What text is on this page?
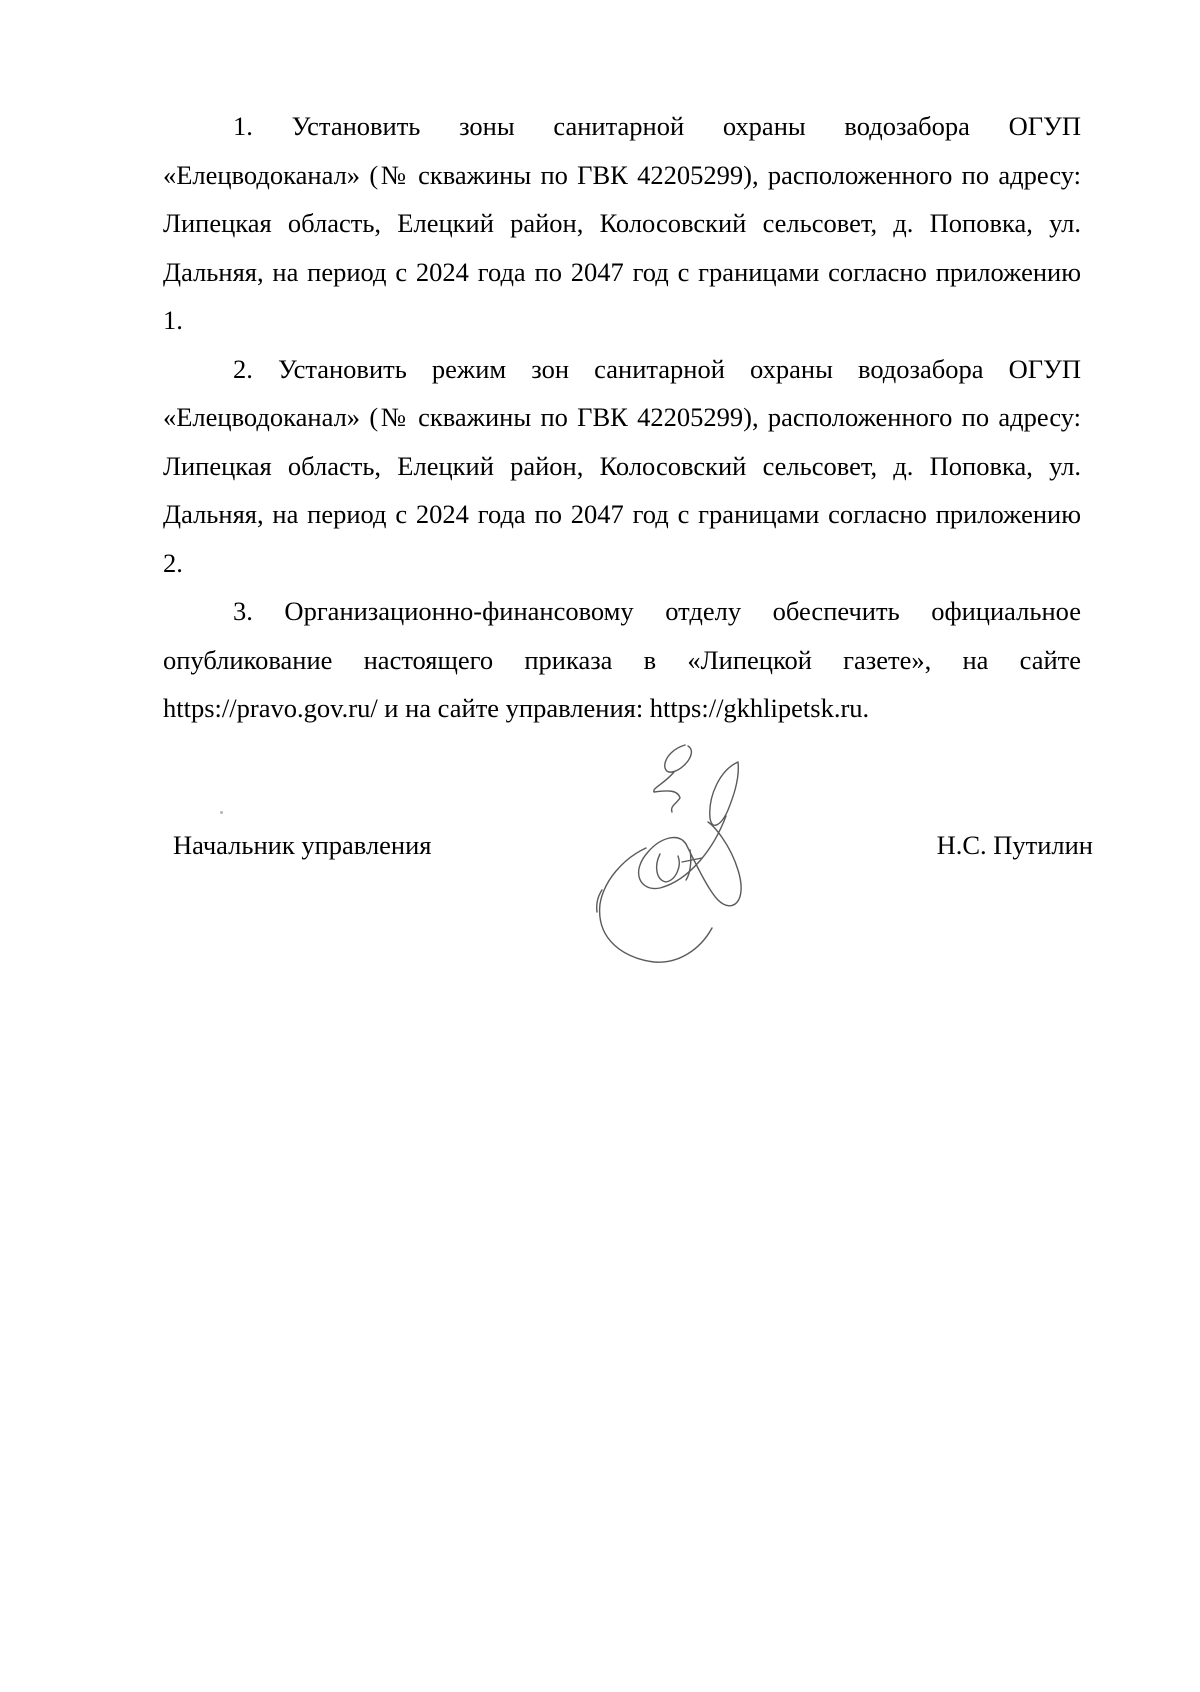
1. Установить зоны санитарной охраны водозабора ОГУП «Елецводоканал» (№ скважины по ГВК 42205299), расположенного по адресу: Липецкая область, Елецкий район, Колосовский сельсовет, д. Поповка, ул. Дальняя, на период с 2024 года по 2047 год с границами согласно приложению 1.

2. Установить режим зон санитарной охраны водозабора ОГУП «Елецводоканал» (№ скважины по ГВК 42205299), расположенного по адресу: Липецкая область, Елецкий район, Колосовский сельсовет, д. Поповка, ул. Дальняя, на период с 2024 года по 2047 год с границами согласно приложению 2.

3. Организационно-финансовому отделу обеспечить официальное опубликование настоящего приказа в «Липецкой газете», на сайте https://pravo.gov.ru/ и на сайте управления: https://gkhlipetsk.ru.

Начальник управления	Н.С. Путилин
